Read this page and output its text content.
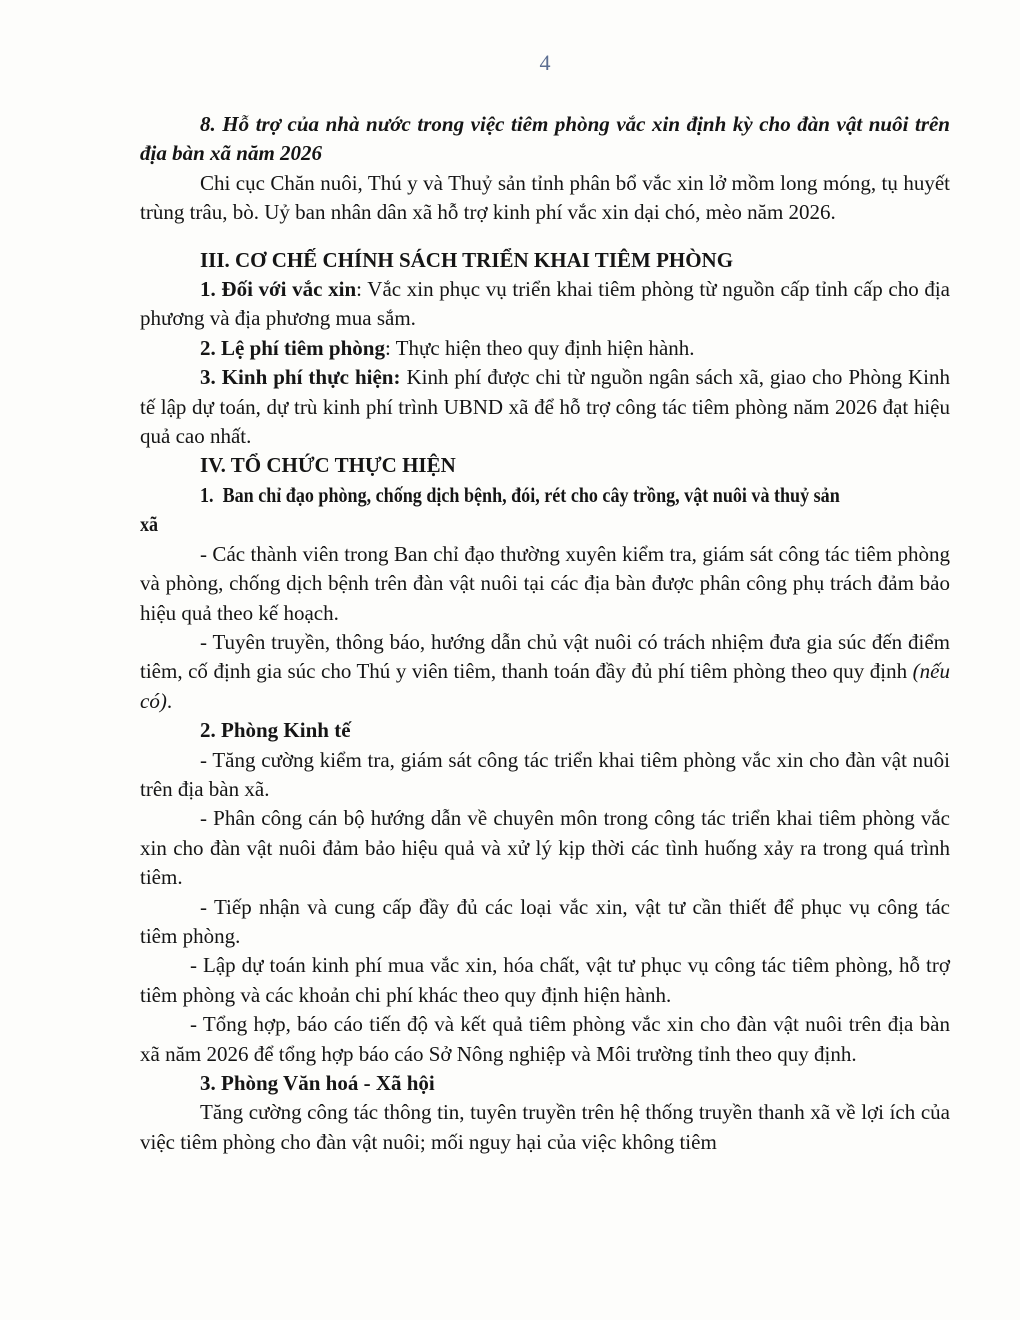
4

8. Hỗ trợ của nhà nước trong việc tiêm phòng vắc xin định kỳ cho đàn vật nuôi trên địa bàn xã năm 2026

Chi cục Chăn nuôi, Thú y và Thuỷ sản tỉnh phân bổ vắc xin lở mồm long móng, tụ huyết trùng trâu, bò. Uỷ ban nhân dân xã hỗ trợ kinh phí vắc xin dại chó, mèo năm 2026.

III. CƠ CHẾ CHÍNH SÁCH TRIỂN KHAI TIÊM PHÒNG

1. Đối với vắc xin: Vắc xin phục vụ triển khai tiêm phòng từ nguồn cấp tỉnh cấp cho địa phương và địa phương mua sắm.

2. Lệ phí tiêm phòng: Thực hiện theo quy định hiện hành.

3. Kinh phí thực hiện: Kinh phí được chi từ nguồn ngân sách xã, giao cho Phòng Kinh tế lập dự toán, dự trù kinh phí trình UBND xã để hỗ trợ công tác tiêm phòng năm 2026 đạt hiệu quả cao nhất.

IV. TỔ CHỨC THỰC HIỆN

1.  Ban chỉ đạo phòng, chống dịch bệnh, đói, rét cho cây trồng, vật nuôi và thuỷ sản
xã

- Các thành viên trong Ban chỉ đạo thường xuyên kiểm tra, giám sát công tác tiêm phòng và phòng, chống dịch bệnh trên đàn vật nuôi tại các địa bàn được phân công phụ trách đảm bảo hiệu quả theo kế hoạch.

- Tuyên truyền, thông báo, hướng dẫn chủ vật nuôi có trách nhiệm đưa gia súc đến điểm tiêm, cố định gia súc cho Thú y viên tiêm, thanh toán đầy đủ phí tiêm phòng theo quy định (nếu có).

2. Phòng Kinh tế

- Tăng cường kiểm tra, giám sát công tác triển khai tiêm phòng vắc xin cho đàn vật nuôi trên địa bàn xã.

- Phân công cán bộ hướng dẫn về chuyên môn trong công tác triển khai tiêm phòng vắc xin cho đàn vật nuôi đảm bảo hiệu quả và xử lý kịp thời các tình huống xảy ra trong quá trình tiêm.

- Tiếp nhận và cung cấp đầy đủ các loại vắc xin, vật tư cần thiết để phục vụ công tác tiêm phòng.

- Lập dự toán kinh phí mua vắc xin, hóa chất, vật tư phục vụ công tác tiêm phòng, hỗ trợ tiêm phòng và các khoản chi phí khác theo quy định hiện hành.

- Tổng hợp, báo cáo tiến độ và kết quả tiêm phòng vắc xin cho đàn vật nuôi trên địa bàn xã năm 2026 để tổng hợp báo cáo Sở Nông nghiệp và Môi trường tỉnh theo quy định.

3. Phòng Văn hoá - Xã hội

Tăng cường công tác thông tin, tuyên truyền trên hệ thống truyền thanh xã về lợi ích của việc tiêm phòng cho đàn vật nuôi; mối nguy hại của việc không tiêm
